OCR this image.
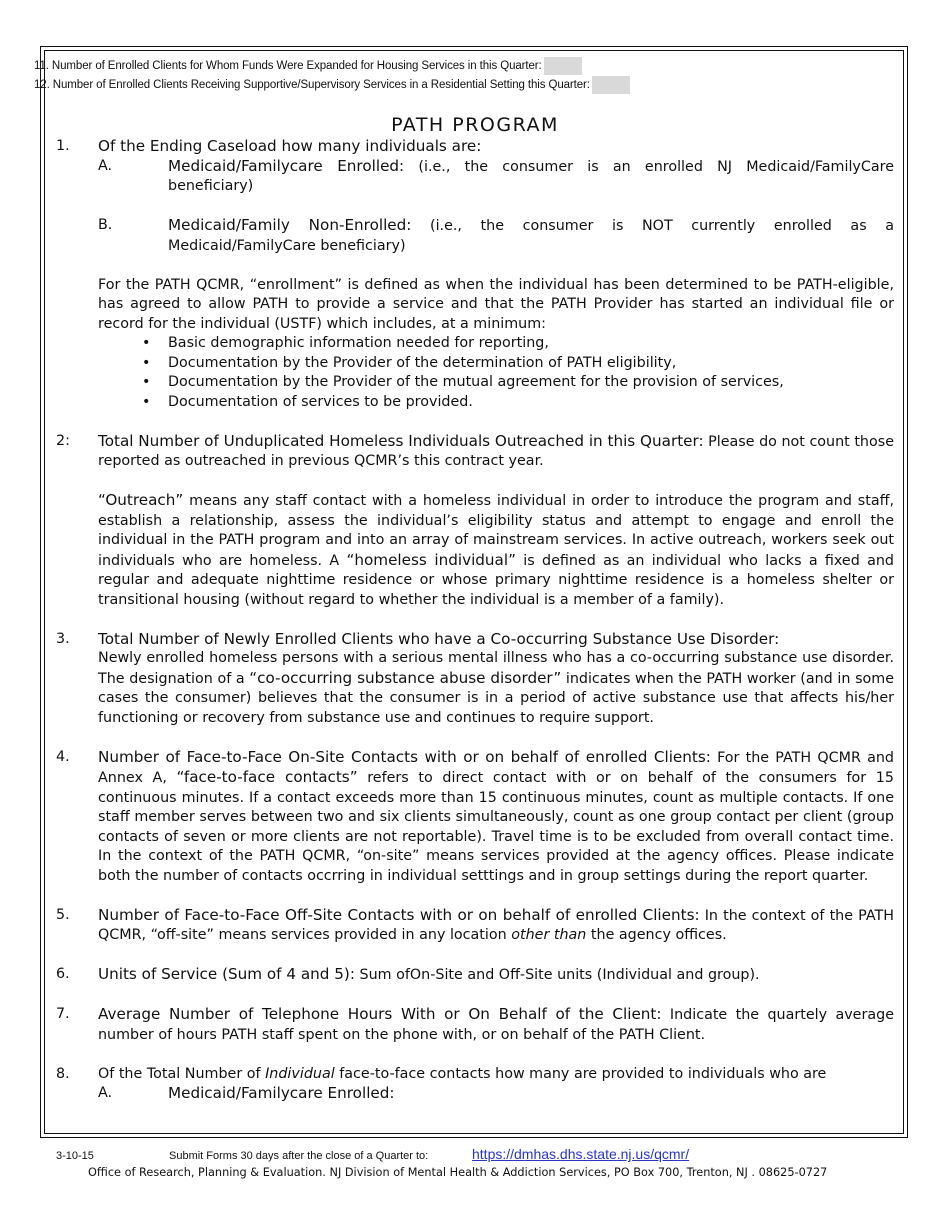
11. Number of Enrolled Clients for Whom Funds Were Expanded for Housing Services in this Quarter:
12. Number of Enrolled Clients Receiving Supportive/Supervisory Services in a Residential Setting this Quarter:
PATH PROGRAM
1.	Of the Ending Caseload how many individuals are:

A.	Medicaid/Familycare Enrolled: (i.e., the consumer is an enrolled NJ Medicaid/FamilyCare beneficiary)
B.	Medicaid/Family Non-Enrolled: (i.e., the consumer is NOT currently enrolled as a Medicaid/FamilyCare beneficiary)

For the PATH QCMR, “enrollment” is defined as when the individual has been determined to be PATH-eligible, has agreed to allow PATH to provide a service and that the PATH Provider has started an individual file or record for the individual (USTF) which includes, at a minimum:

• Basic demographic information needed for reporting,
• Documentation by the Provider of the determination of PATH eligibility,
• Documentation by the Provider of the mutual agreement for the provision of services,
• Documentation of services to be provided.
2:	Total Number of Unduplicated Homeless Individuals Outreached in this Quarter: Please do not count those reported as outreached in previous QCMR’s this contract year.

“Outreach” means any staff contact with a homeless individual in order to introduce the program and staff, establish a relationship, assess the individual’s eligibility status and attempt to engage and enroll the individual in the PATH program and into an array of mainstream services. In active outreach, workers seek out individuals who are homeless. A “homeless individual” is defined as an individual who lacks a fixed and regular and adequate nighttime residence or whose primary nighttime residence is a homeless shelter or transitional housing (without regard to whether the individual is a member of a family).

3.	Total Number of Newly Enrolled Clients who have a Co-occurring Substance Use Disorder:

Newly enrolled homeless persons with a serious mental illness who has a co-occurring substance use disorder. The designation of a “co-occurring substance abuse disorder” indicates when the PATH worker (and in some cases the consumer) believes that the consumer is in a period of active substance use that affects his/her functioning or recovery from substance use and continues to require support.

4.	Number of Face-to-Face On-Site Contacts with or on behalf of enrolled Clients: For the PATH QCMR and Annex A, “face-to-face contacts” refers to direct contact with or on behalf of the consumers for 15 continuous minutes. If a contact exceeds more than 15 continuous minutes, count as multiple contacts. If one staff member serves between two and six clients simultaneously, count as one group contact per client (group contacts of seven or more clients are not reportable). Travel time is to be excluded from overall contact time. In the context of the PATH QCMR, “on-site” means services provided at the agency offices. Please indicate both the number of contacts occrring in individual setttings and in group settings during the report quarter.

5.	Number of Face-to-Face Off-Site Contacts with or on behalf of enrolled Clients: In the context of the PATH QCMR, “off-site” means services provided in any location other than the agency offices.

6.	Units of Service (Sum of 4 and 5): Sum ofOn-Site and Off-Site units (Individual and group).

7.	Average Number of Telephone Hours With or On Behalf of the Client: Indicate the quartely average number of hours PATH staff spent on the phone with, or on behalf of the PATH Client.

8.	Of the Total Number of Individual face-to-face contacts how many are provided to individuals who are

A.	Medicaid/Familycare Enrolled:
3-10-15	Submit Forms 30 days after the close of a Quarter to:	https://dmhas.dhs.state.nj.us/qcmr/
Office of Research, Planning & Evaluation. NJ Division of Mental Health & Addiction Services, PO Box 700, Trenton, NJ . 08625-0727
